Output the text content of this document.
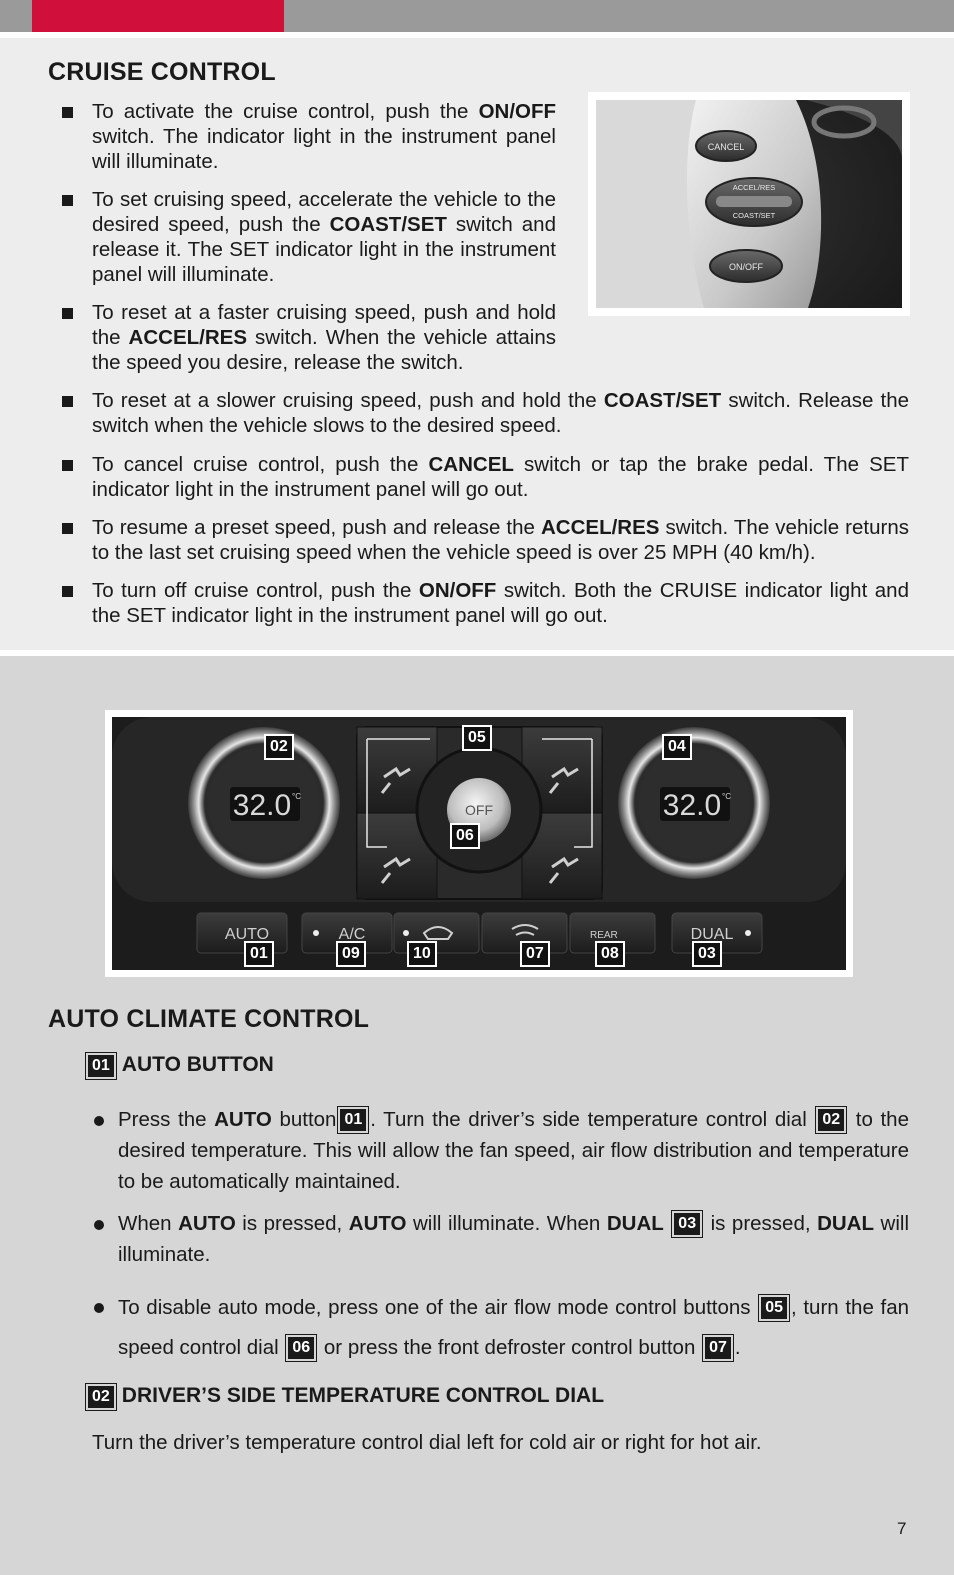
CRUISE CONTROL
To activate the cruise control, push the ON/OFF switch. The indicator light in the instrument panel will illuminate.
To set cruising speed, accelerate the vehicle to the desired speed, push the COAST/SET switch and release it. The SET indicator light in the instrument panel will illuminate.
To reset at a faster cruising speed, push and hold the ACCEL/RES switch. When the vehicle attains the speed you desire, release the switch.
To reset at a slower cruising speed, push and hold the COAST/SET switch. Release the switch when the vehicle slows to the desired speed.
To cancel cruise control, push the CANCEL switch or tap the brake pedal. The SET indicator light in the instrument panel will go out.
To resume a preset speed, push and release the ACCEL/RES switch. The vehicle returns to the last set cruising speed when the vehicle speed is over 25 MPH (40 km/h).
To turn off cruise control, push the ON/OFF switch. Both the CRUISE indicator light and the SET indicator light in the instrument panel will go out.
CANCEL
ACCEL/RES
COAST/SET
ON/OFF
32.0 °C	32.0 °C
OFF
AUTO	A/C	REAR	DUAL
02
05
04
06
01	09	10	07	08	03
AUTO CLIMATE CONTROL
01 AUTO BUTTON
Press the AUTO button 01 . Turn the driver’s side temperature control dial 02 to the desired temperature. This will allow the fan speed, air flow distribution and temperature to be automatically maintained.
When AUTO is pressed, AUTO will illuminate. When DUAL 03 is pressed, DUAL will illuminate.
To disable auto mode, press one of the air flow mode control buttons 05 , turn the fan speed control dial 06 or press the front defroster control button 07 .
02 DRIVER’S SIDE TEMPERATURE CONTROL DIAL
Turn the driver’s temperature control dial left for cold air or right for hot air.
7
